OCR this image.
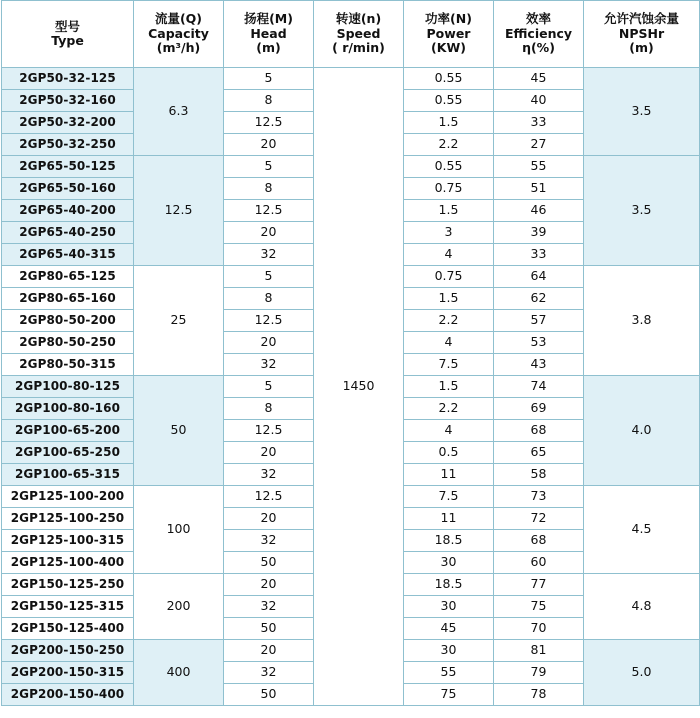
型号
Type	流量(Q)
Capacity
(m³/h)	扬程(M)
Head
(m)	转速(n)
Speed
( r/min)	功率(N)
Power
(KW)	效率
Efficiency
η(%)	允许汽蚀余量
NPSHr
(m)

2GP50-32-125	6.3	5	1450	0.55	45	3.5
2GP50-32-160		8		0.55	40	
2GP50-32-200		12.5		1.5	33	
2GP50-32-250		20		2.2	27	
2GP65-50-125	12.5	5		0.55	55	3.5
2GP65-50-160		8		0.75	51	
2GP65-40-200		12.5		1.5	46	
2GP65-40-250		20		3	39	
2GP65-40-315		32		4	33	
2GP80-65-125	25	5		0.75	64	3.8
2GP80-65-160		8		1.5	62	
2GP80-50-200		12.5		2.2	57	
2GP80-50-250		20		4	53	
2GP80-50-315		32		7.5	43	
2GP100-80-125	50	5		1.5	74	4.0
2GP100-80-160		8		2.2	69	
2GP100-65-200		12.5		4	68	
2GP100-65-250		20		0.5	65	
2GP100-65-315		32		11	58	
2GP125-100-200	100	12.5		7.5	73	4.5
2GP125-100-250		20		11	72	
2GP125-100-315		32		18.5	68	
2GP125-100-400		50		30	60	
2GP150-125-250	200	20		18.5	77	4.8
2GP150-125-315		32		30	75	
2GP150-125-400		50		45	70	
2GP200-150-250	400	20		30	81	5.0
2GP200-150-315		32		55	79	
2GP200-150-400		50		75	78	
